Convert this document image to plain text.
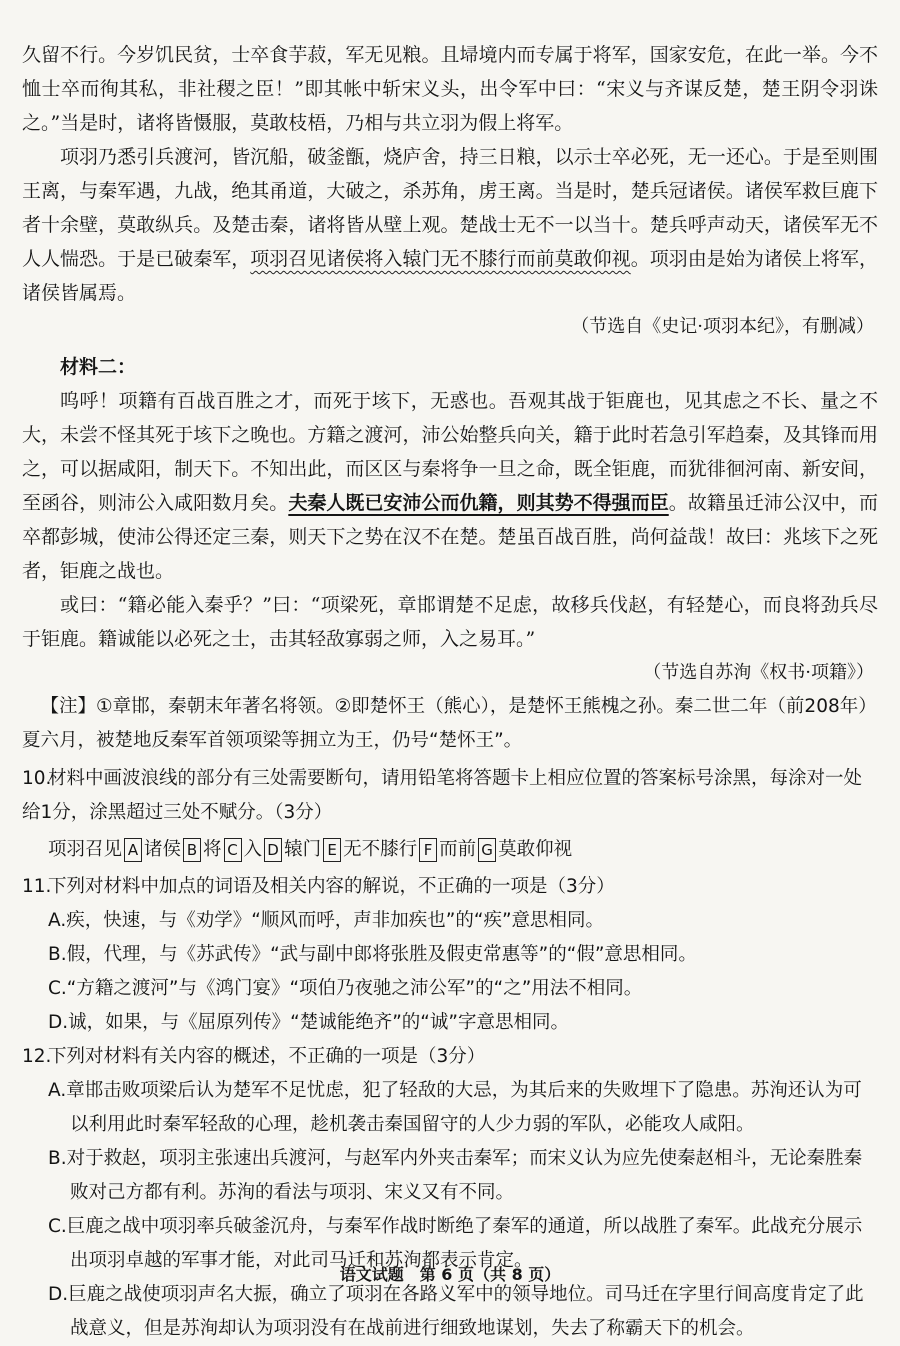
久留不行。今岁饥民贫，士卒食芋菽，军无见粮。且埽境内而专属于将军，国家安危，在此一举。今不恤士卒而徇其私，非社稷之臣！”即其帐中斩宋义头，出令军中曰：“宋义与齐谋反楚，楚王阴令羽诛之。”当是时，诸将皆慑服，莫敢枝梧，乃相与共立羽为假上将军。

项羽乃悉引兵渡河，皆沉船，破釜甑，烧庐舍，持三日粮，以示士卒必死，无一还心。于是至则围王离，与秦军遇，九战，绝其甬道，大破之，杀苏角，虏王离。当是时，楚兵冠诸侯。诸侯军救巨鹿下者十余壁，莫敢纵兵。及楚击秦，诸将皆从壁上观。楚战士无不一以当十。楚兵呼声动天，诸侯军无不人人惴恐。于是已破秦军，项羽召见诸侯将入辕门无不膝行而前莫敢仰视。项羽由是始为诸侯上将军，诸侯皆属焉。

（节选自《史记·项羽本纪》，有删减）

材料二：

呜呼！项籍有百战百胜之才，而死于垓下，无惑也。吾观其战于钜鹿也，见其虑之不长、量之不大，未尝不怪其死于垓下之晚也。方籍之渡河，沛公始整兵向关，籍于此时若急引军趋秦，及其锋而用之，可以据咸阳，制天下。不知出此，而区区与秦将争一旦之命，既全钜鹿，而犹徘徊河南、新安间，至函谷，则沛公入咸阳数月矣。夫秦人既已安沛公而仇籍，则其势不得强而臣。故籍虽迁沛公汉中，而卒都彭城，使沛公得还定三秦，则天下之势在汉不在楚。楚虽百战百胜，尚何益哉！故曰：兆垓下之死者，钜鹿之战也。

或曰：“籍必能入秦乎？”曰：“项梁死，章邯谓楚不足虑，故移兵伐赵，有轻楚心，而良将劲兵尽于钜鹿。籍诚能以必死之士，击其轻敌寡弱之师，入之易耳。”

（节选自苏洵《权书·项籍》）

【注】①章邯，秦朝末年著名将领。②即楚怀王（熊心），是楚怀王熊槐之孙。秦二世二年（前208年）夏六月，被楚地反秦军首领项梁等拥立为王，仍号“楚怀王”。

10.材料中画波浪线的部分有三处需要断句，请用铅笔将答题卡上相应位置的答案标号涂黑，每涂对一处给1分，涂黑超过三处不赋分。（3分）

项羽召见 A 诸侯 B 将 C 入 D 辕门 E 无不膝行 F 而前 G 莫敢仰视

11.下列对材料中加点的词语及相关内容的解说，不正确的一项是（3分）

A.疾，快速，与《劝学》“顺风而呼，声非加疾也”的“疾”意思相同。

B.假，代理，与《苏武传》“武与副中郎将张胜及假吏常惠等”的“假”意思相同。

C.“方籍之渡河”与《鸿门宴》“项伯乃夜驰之沛公军”的“之”用法不相同。

D.诚，如果，与《屈原列传》“楚诚能绝齐”的“诚”字意思相同。

12.下列对材料有关内容的概述，不正确的一项是（3分）

A.章邯击败项梁后认为楚军不足忧虑，犯了轻敌的大忌，为其后来的失败埋下了隐患。苏洵还认为可以利用此时秦军轻敌的心理，趁机袭击秦国留守的人少力弱的军队，必能攻人咸阳。

B.对于救赵，项羽主张速出兵渡河，与赵军内外夹击秦军；而宋义认为应先使秦赵相斗，无论秦胜秦败对己方都有利。苏洵的看法与项羽、宋义又有不同。

C.巨鹿之战中项羽率兵破釜沉舟，与秦军作战时断绝了秦军的通道，所以战胜了秦军。此战充分展示出项羽卓越的军事才能，对此司马迁和苏洵都表示肯定。

D.巨鹿之战使项羽声名大振，确立了项羽在各路义军中的领导地位。司马迁在字里行间高度肯定了此战意义，但是苏洵却认为项羽没有在战前进行细致地谋划，失去了称霸天下的机会。

语文试题　第 6 页（共 8 页）
